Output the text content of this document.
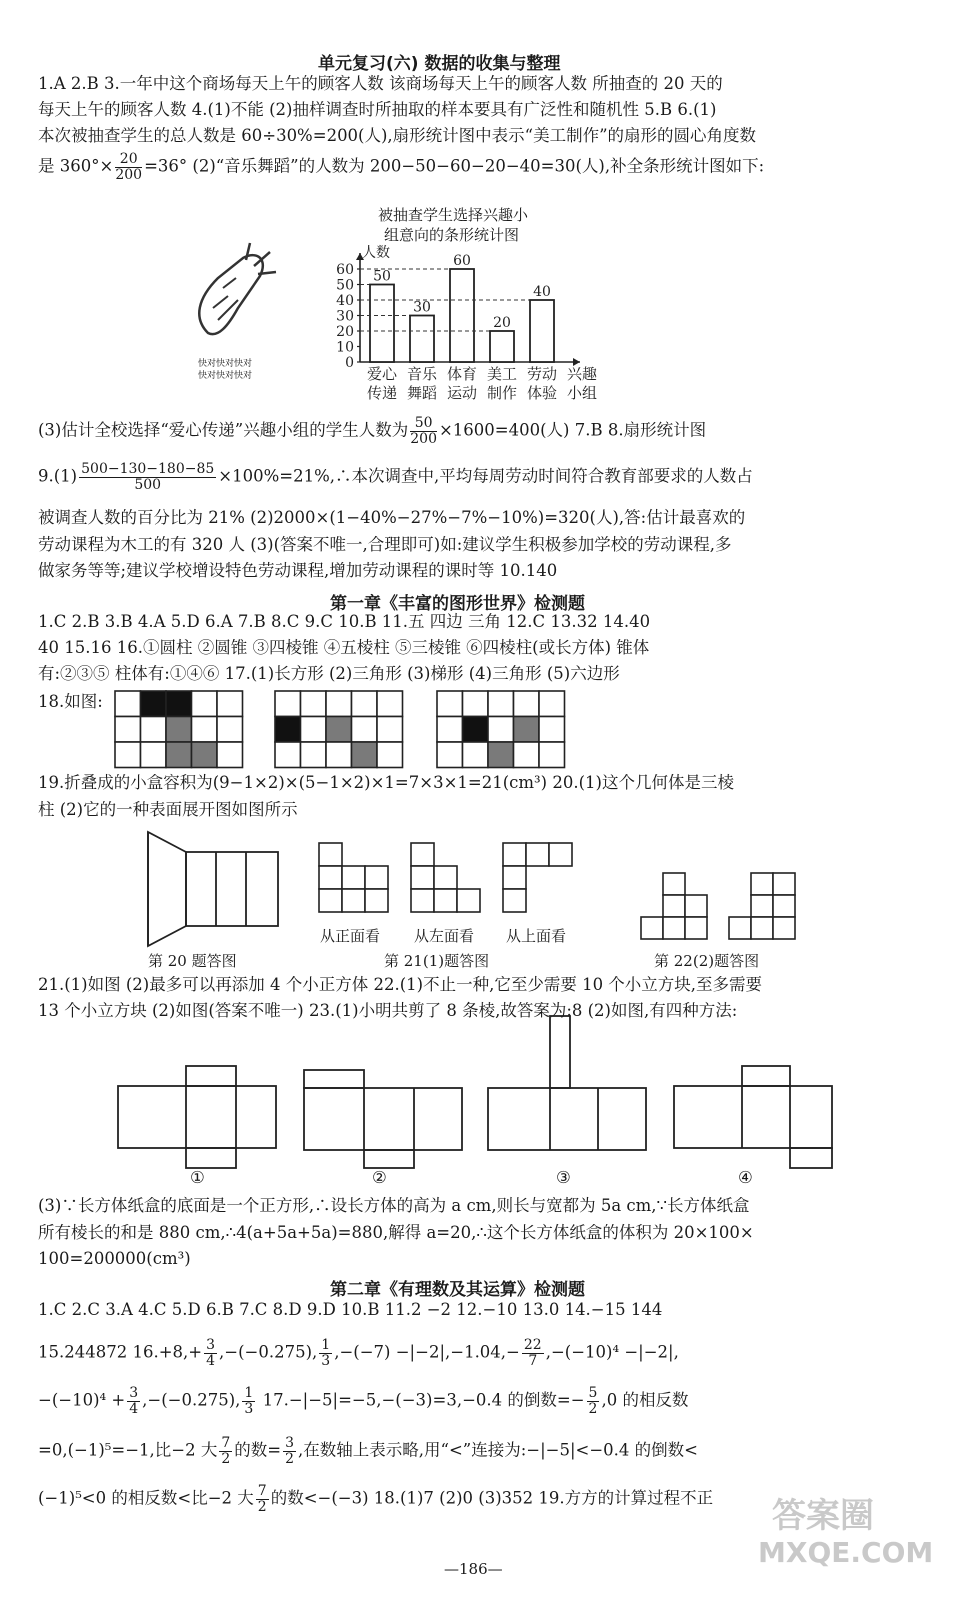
单元复习(六) 数据的收集与整理
1.A 2.B 3.一年中这个商场每天上午的顾客人数 该商场每天上午的顾客人数 所抽查的 20 天的
每天上午的顾客人数 4.(1)不能 (2)抽样调查时所抽取的样本要具有广泛性和随机性 5.B 6.(1)
本次被抽查学生的总人数是 60÷30%=200(人),扇形统计图中表示“美工制作”的扇形的圆心角度数
是 $360^\circ\times \frac{20}{200} =36^\circ$ (2)“音乐舞蹈”的人数为 200−50−60−20−40=30(人),补全条形统计图如下:
被抽查学生选择兴趣小
组意向的条形统计图
人数
0
10
20
30
40
50
60 50
爱心
传递
30
音乐
舞蹈
60
体育
运动
20
美工
制作
40
劳动
体验
兴趣
小组
快对快对快对
快对快对快对
(3)估计全校选择“爱心传递”兴趣小组的学生人数为 $\frac{50}{200} \times 1600=400$(人) 7.B 8.扇形统计图
$9.(1) \frac{500-130-180-85}{500}$ ×100%=21%,∴本次调查中,平均每周劳动时间符合教育部要求的人数占
被调查人数的百分比为 21% (2)2000×(1−40%−27%−7%−10%)=320(人),答:估计最喜欢的
劳动课程为木工的有 320 人 (3)(答案不唯一,合理即可)如:建议学生积极参加学校的劳动课程,多
做家务等等;建议学校增设特色劳动课程,增加劳动课程的课时等 10.140
第一章《丰富的图形世界》检测题
1.C 2.B 3.B 4.A 5.D 6.A 7.B 8.C 9.C 10.B 11.五 四边 三角 12.C 13.32 14.40
40 15.16 16.①圆柱 ②圆锥 ③四棱锥 ④五棱柱 ⑤三棱锥 ⑥四棱柱(或长方体) 锥体
有:②③⑤ 柱体有:①④⑥ 17.(1)长方形 (2)三角形 (3)梯形 (4)三角形 (5)六边形
18.如图:
19.折叠成的小盒容积为(9−1×2)×(5−1×2)×1=7×3×1=21(cm³) 20.(1)这个几何体是三棱
柱 (2)它的一种表面展开图如图所示
第 20 题答图
从正面看 从左面看 从上面看
第 21(1)题答图	第 22(2)题答图
21.(1)如图 (2)最多可以再添加 4 个小正方体 22.(1)不止一种,它至少需要 10 个小立方块,至多需要
13 个小立方块 (2)如图(答案不唯一) 23.(1)小明共剪了 8 条棱,故答案为:8 (2)如图,有四种方法:
①	②	③	④
(3)∵长方体纸盒的底面是一个正方形,∴设长方体的高为 a cm,则长与宽都为 5a cm,∵长方体纸盒
所有棱长的和是 880 cm,∴4(a+5a+5a)=880,解得 a=20,∴这个长方体纸盒的体积为 20×100×
100=200000(cm³)
第二章《有理数及其运算》检测题
1.C 2.C 3.A 4.C 5.D 6.B 7.C 8.D 9.D 10.B 11.2 −2 12.−10 13.0 14.−15 144
15.244872 $16.+8,+ \frac{3}{4} ,-(-0.275)$, $\frac{1}{3} ,-(-7) -|-2|,-1.04,- \frac{22}{7} ,-(-10)^4 -|-2|$,
$-(-10)^4 + \frac{3}{4} ,-(-0.275)$, $\frac{1}{3} 17.-|-5|=-5,-(-3)=3,-0.4$ 的倒数=− $\frac{5}{2} ,0$ 的相反数
=0,(−1)⁵=−1,比−2 大 $\frac{7}{2}$ 的数= $\frac{3}{2}$ ,在数轴上表示略,用“<”连接为:−|−5|<−0.4 的倒数<
(−1)⁵<0 的相反数<比−2 大 $\frac{7}{2}$ 的数<−(−3) 18.(1)7 (2)0 (3)352 19.方方的计算过程不正
—186—
答案圈
MXQE.COM
